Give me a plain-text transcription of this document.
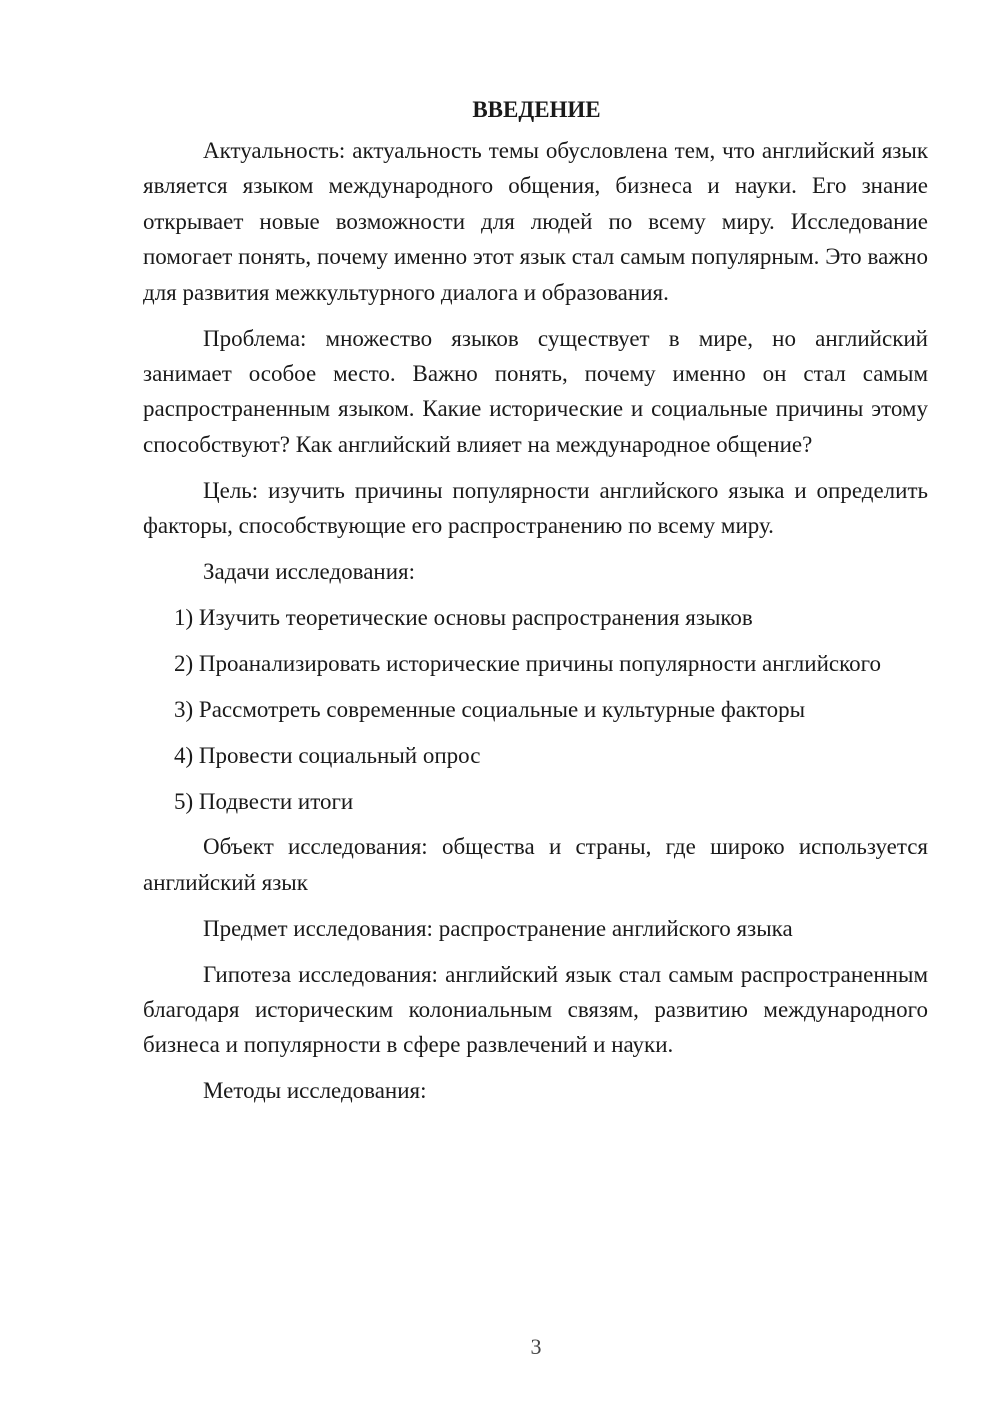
ВВЕДЕНИЕ

Актуальность: актуальность темы обусловлена тем, что английский язык является языком международного общения, бизнеса и науки. Его знание открывает новые возможности для людей по всему миру. Исследование помогает понять, почему именно этот язык стал самым популярным. Это важно для развития межкультурного диалога и образования.

Проблема: множество языков существует в мире, но английский занимает особое место. Важно понять, почему именно он стал самым распространенным языком. Какие исторические и социальные причины этому способствуют? Как английский влияет на международное общение?

Цель: изучить причины популярности английского языка и определить факторы, способствующие его распространению по всему миру.

Задачи исследования:

1) Изучить теоретические основы распространения языков

2) Проанализировать исторические причины популярности английского

3) Рассмотреть современные социальные и культурные факторы

4) Провести социальный опрос

5) Подвести итоги

Объект исследования: общества и страны, где широко используется английский язык

Предмет исследования: распространение английского языка

Гипотеза исследования: английский язык стал самым распространенным благодаря историческим колониальным связям, развитию международного бизнеса и популярности в сфере развлечений и науки.

Методы исследования:

3
